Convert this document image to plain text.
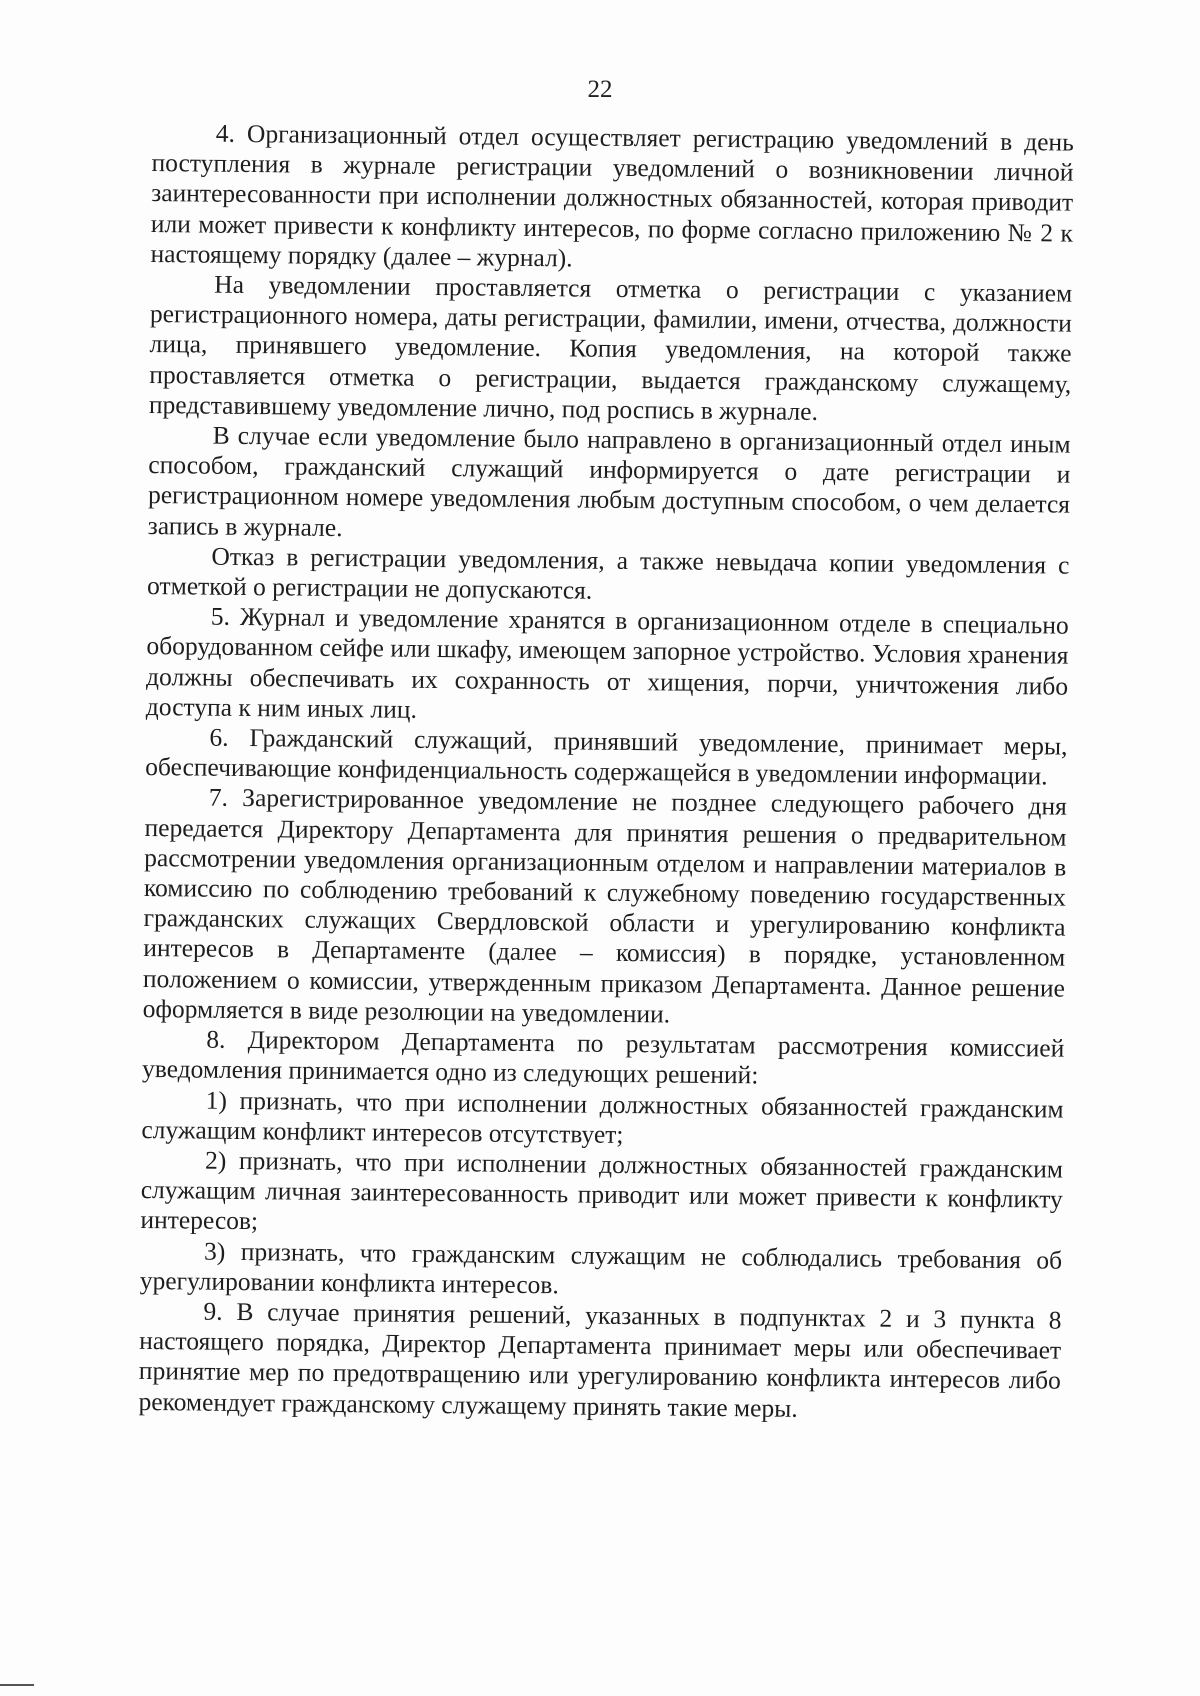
22

4. Организационный отдел осуществляет регистрацию уведомлений в день поступления в журнале регистрации уведомлений о возникновении личной заинтересованности при исполнении должностных обязанностей, которая приводит или может привести к конфликту интересов, по форме согласно приложению № 2 к настоящему порядку (далее – журнал).

На уведомлении проставляется отметка о регистрации с указанием регистрационного номера, даты регистрации, фамилии, имени, отчества, должности лица, принявшего уведомление. Копия уведомления, на которой также проставляется отметка о регистрации, выдается гражданскому служащему, представившему уведомление лично, под роспись в журнале.

В случае если уведомление было направлено в организационный отдел иным способом, гражданский служащий информируется о дате регистрации и регистрационном номере уведомления любым доступным способом, о чем делается запись в журнале.

Отказ в регистрации уведомления, а также невыдача копии уведомления с отметкой о регистрации не допускаются.

5. Журнал и уведомление хранятся в организационном отделе в специально оборудованном сейфе или шкафу, имеющем запорное устройство. Условия хранения должны обеспечивать их сохранность от хищения, порчи, уничтожения либо доступа к ним иных лиц.

6. Гражданский служащий, принявший уведомление, принимает меры, обеспечивающие конфиденциальность содержащейся в уведомлении информации.

7. Зарегистрированное уведомление не позднее следующего рабочего дня передается Директору Департамента для принятия решения о предварительном рассмотрении уведомления организационным отделом и направлении материалов в комиссию по соблюдению требований к служебному поведению государственных гражданских служащих Свердловской области и урегулированию конфликта интересов в Департаменте (далее – комиссия) в порядке, установленном положением о комиссии, утвержденным приказом Департамента. Данное решение оформляется в виде резолюции на уведомлении.

8. Директором Департамента по результатам рассмотрения комиссией уведомления принимается одно из следующих решений:

1) признать, что при исполнении должностных обязанностей гражданским служащим конфликт интересов отсутствует;

2) признать, что при исполнении должностных обязанностей гражданским служащим личная заинтересованность приводит или может привести к конфликту интересов;

3) признать, что гражданским служащим не соблюдались требования об урегулировании конфликта интересов.

9. В случае принятия решений, указанных в подпунктах 2 и 3 пункта 8 настоящего порядка, Директор Департамента принимает меры или обеспечивает принятие мер по предотвращению или урегулированию конфликта интересов либо рекомендует гражданскому служащему принять такие меры.
